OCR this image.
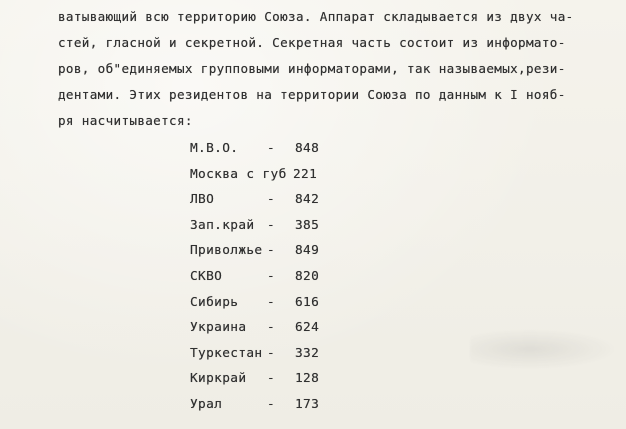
ватывающий всю территорию Союза. Аппарат складывается из двух ча-
стей, гласной и секретной. Секретная часть состоит из информато-
ров, об"единяемых групповыми информаторами, так называемых,рези-
дентами. Этих резидентов на территории Союза по данным к I нояб-
ря насчитывается:
М.В.О. - 848
Москва с губ 221
ЛВО	- 842
Зап.край - 385
Приволжье - 849
СКВО	- 820
Сибирь - 616
Украина - 624
Туркестан - 332
Киркрай - 128
Урал	- 173
